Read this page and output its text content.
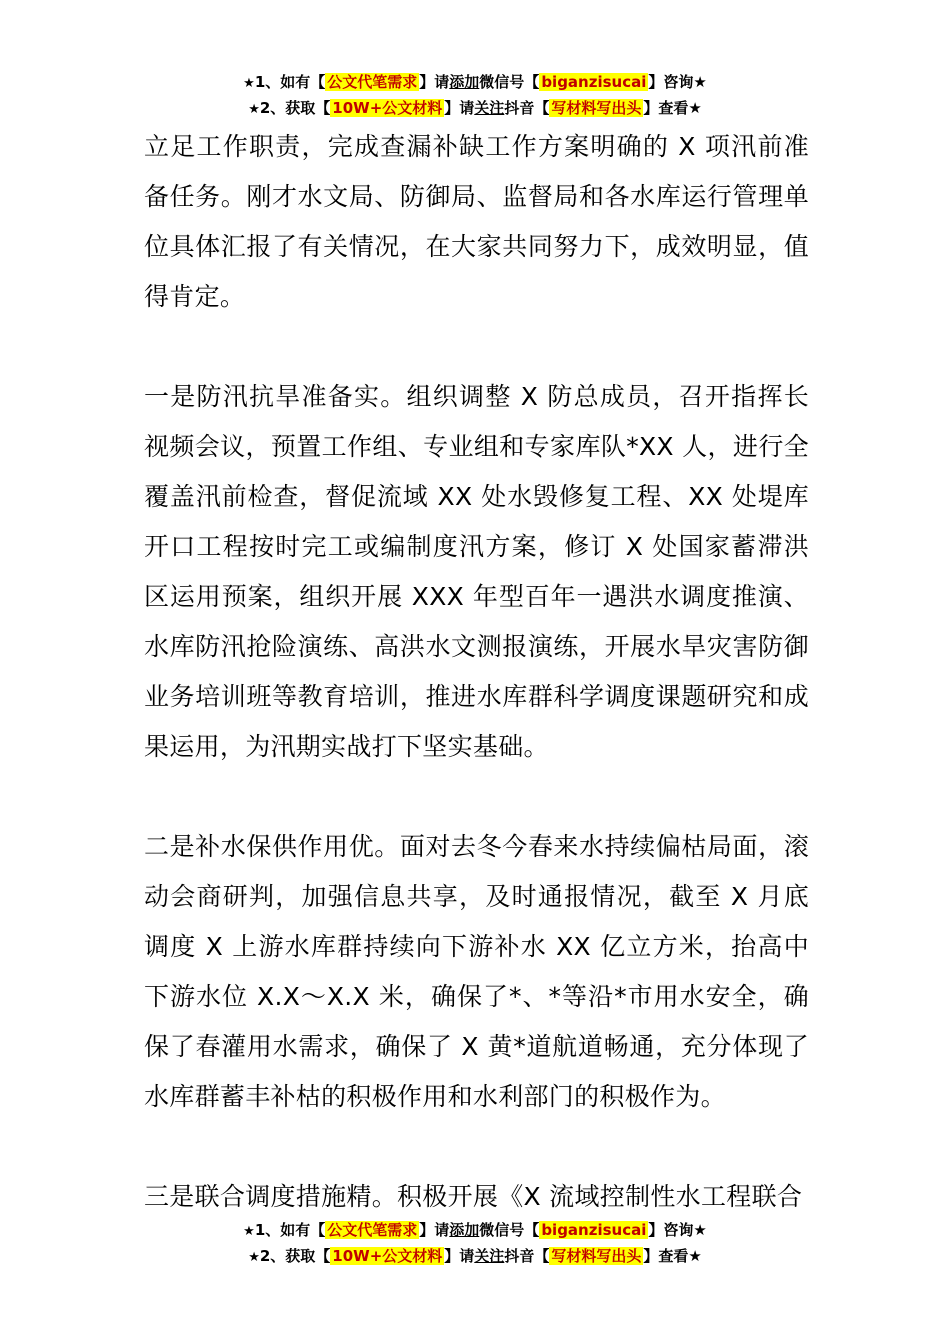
★1、如有【 公文代笔需求 】请添加微信号【 biganzisucai 】咨询★
★2、获取【 10W+公文材料 】请关注抖音【 写材料写出头 】查看★

立足工作职责，完成查漏补缺工作方案明确的 X 项汛前准备任务。刚才水文局、防御局、监督局和各水库运行管理单位具体汇报了有关情况，在大家共同努力下，成效明显，值得肯定。

一是防汛抗旱准备实。组织调整 X 防总成员，召开指挥长视频会议，预置工作组、专业组和专家库队*XX 人，进行全覆盖汛前检查，督促流域 XX 处水毁修复工程、XX 处堤库开口工程按时完工或编制度汛方案，修订 X 处国家蓄滞洪区运用预案，组织开展 XXX 年型百年一遇洪水调度推演、水库防汛抢险演练、高洪水文测报演练，开展水旱灾害防御业务培训班等教育培训，推进水库群科学调度课题研究和成果运用，为汛期实战打下坚实基础。

二是补水保供作用优。面对去冬今春来水持续偏枯局面，滚动会商研判，加强信息共享，及时通报情况，截至 X 月底调度 X 上游水库群持续向下游补水 XX 亿立方米，抬高中下游水位 X.X～X.X 米，确保了*、*等沿*市用水安全，确保了春灌用水需求，确保了 X 黄*道航道畅通，充分体现了水库群蓄丰补枯的积极作用和水利部门的积极作为。

三是联合调度措施精。积极开展《X 流域控制性水工程联合

★1、如有【 公文代笔需求 】请添加微信号【 biganzisucai 】咨询★
★2、获取【 10W+公文材料 】请关注抖音【 写材料写出头 】查看★
